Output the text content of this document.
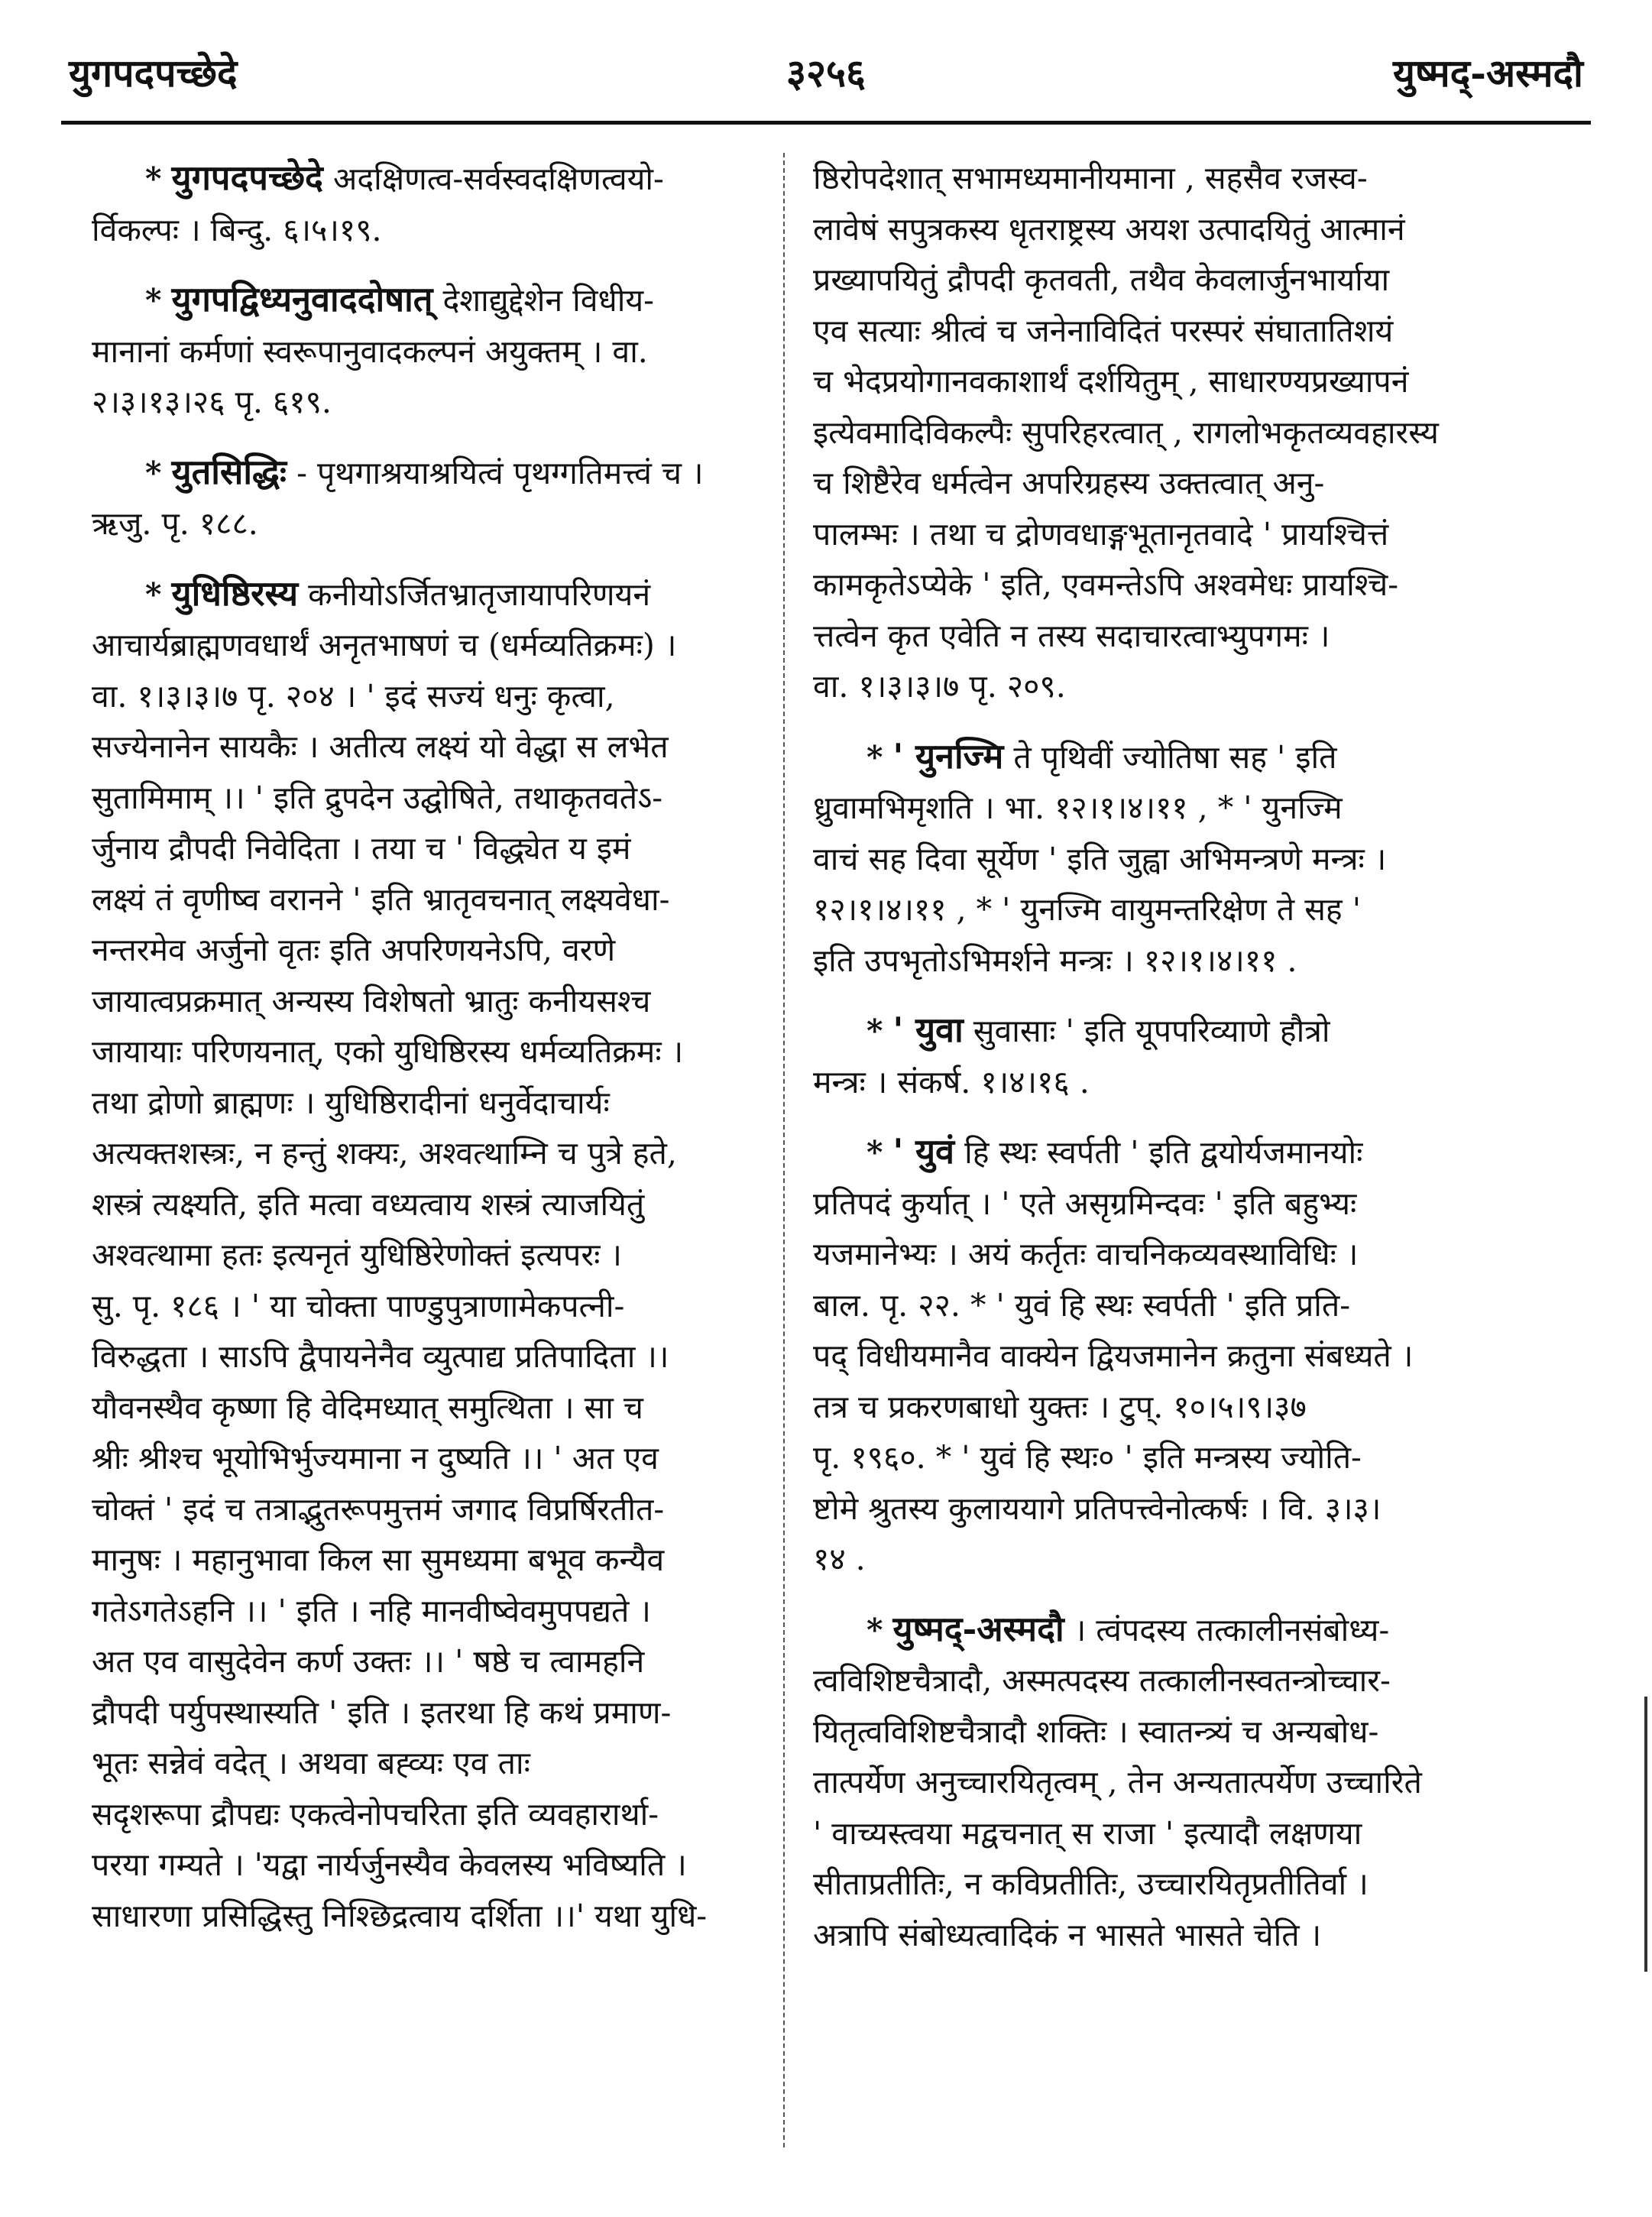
युगपदपच्छेदे	३२५६	युष्मद्-अस्मदौ
* युगपदपच्छेदे अदक्षिणत्व-सर्वस्वदक्षिणत्वयो-
र्विकल्पः । बिन्दु. ६।५।१९.
* युगपद्विध्यनुवाददोषात् देशाद्युद्देशेन विधीय-
मानानां कर्मणां स्वरूपानुवादकल्पनं अयुक्तम् । वा.
२।३।१३।२६ पृ. ६१९.
* युतसिद्धिः - पृथगाश्रयाश्रयित्वं पृथग्गतिमत्त्वं च ।
ऋजु. पृ. १८८.
* युधिष्ठिरस्य कनीयोऽर्जितभ्रातृजायापरिणयनं
आचार्यब्राह्मणवधार्थं अनृतभाषणं च (धर्मव्यतिक्रमः) ।
वा. १।३।३।७ पृ. २०४ । ' इदं सज्यं धनुः कृत्वा,
सज्येनानेन सायकैः । अतीत्य लक्ष्यं यो वेद्धा स लभेत
सुतामिमाम् ।। ' इति द्रुपदेन उद्घोषिते, तथाकृतवतेऽ-
र्जुनाय द्रौपदी निवेदिता । तया च ' विद्ध्येत य इमं
लक्ष्यं तं वृणीष्व वरानने ' इति भ्रातृवचनात् लक्ष्यवेधा-
नन्तरमेव अर्जुनो वृतः इति अपरिणयनेऽपि, वरणे
जायात्वप्रक्रमात् अन्यस्य विशेषतो भ्रातुः कनीयसश्च
जायायाः परिणयनात्, एको युधिष्ठिरस्य धर्मव्यतिक्रमः ।
तथा द्रोणो ब्राह्मणः । युधिष्ठिरादीनां धनुर्वेदाचार्यः
अत्यक्तशस्त्रः, न हन्तुं शक्यः, अश्वत्थाम्नि च पुत्रे हते,
शस्त्रं त्यक्ष्यति, इति मत्वा वध्यत्वाय शस्त्रं त्याजयितुं
अश्वत्थामा हतः इत्यनृतं युधिष्ठिरेणोक्तं इत्यपरः ।
सु. पृ. १८६ । ' या चोक्ता पाण्डुपुत्राणामेकपत्नी-
विरुद्धता । साऽपि द्वैपायनेनैव व्युत्पाद्य प्रतिपादिता ।।
यौवनस्थैव कृष्णा हि वेदिमध्यात् समुत्थिता । सा च
श्रीः श्रीश्च भूयोभिर्भुज्यमाना न दुष्यति ।। ' अत एव
चोक्तं ' इदं च तत्राद्भुतरूपमुत्तमं जगाद विप्रर्षिरतीत-
मानुषः । महानुभावा किल सा सुमध्यमा बभूव कन्यैव
गतेऽगतेऽहनि ।। ' इति । नहि मानवीष्वेवमुपपद्यते ।
अत एव वासुदेवेन कर्ण उक्तः ।। ' षष्ठे च त्वामहनि
द्रौपदी पर्युपस्थास्यति ' इति । इतरथा हि कथं प्रमाण-
भूतः सन्नेवं वदेत् । अथवा बह्व्यः एव ताः
सदृशरूपा द्रौपद्यः एकत्वेनोपचरिता इति व्यवहारार्था-
परया गम्यते । 'यद्वा नार्यर्जुनस्यैव केवलस्य भविष्यति ।
साधारणा प्रसिद्धिस्तु निश्छिद्रत्वाय दर्शिता ।।' यथा युधि-
ष्ठिरोपदेशात् सभामध्यमानीयमाना , सहसैव रजस्व-
लावेषं सपुत्रकस्य धृतराष्ट्रस्य अयश उत्पादयितुं आत्मानं
प्रख्यापयितुं द्रौपदी कृतवती, तथैव केवलार्जुनभार्याया
एव सत्याः श्रीत्वं च जनेनाविदितं परस्परं संघातातिशयं
च भेदप्रयोगानवकाशार्थं दर्शयितुम् , साधारण्यप्रख्यापनं
इत्येवमादिविकल्पैः सुपरिहरत्वात् , रागलोभकृतव्यवहारस्य
च शिष्टैरेव धर्मत्वेन अपरिग्रहस्य उक्तत्वात् अनु-
पालम्भः । तथा च द्रोणवधाङ्गभूतानृतवादे ' प्रायश्चित्तं
कामकृतेऽप्येके ' इति, एवमन्तेऽपि अश्वमेधः प्रायश्चि-
त्तत्वेन कृत एवेति न तस्य सदाचारत्वाभ्युपगमः ।
वा. १।३।३।७ पृ. २०९.
* ' युनज्मि ते पृथिवीं ज्योतिषा सह ' इति
ध्रुवामभिमृशति । भा. १२।१।४।११ , * ' युनज्मि
वाचं सह दिवा सूर्येण ' इति जुह्वा अभिमन्त्रणे मन्त्रः ।
१२।१।४।११ , * ' युनज्मि वायुमन्तरिक्षेण ते सह '
इति उपभृतोऽभिमर्शने मन्त्रः । १२।१।४।११ .
* ' युवा सुवासाः ' इति यूपपरिव्याणे हौत्रो
मन्त्रः । संकर्ष. १।४।१६ .
* ' युवं हि स्थः स्वर्पती ' इति द्वयोर्यजमानयोः
प्रतिपदं कुर्यात् । ' एते असृग्रमिन्दवः ' इति बहुभ्यः
यजमानेभ्यः । अयं कर्तृतः वाचनिकव्यवस्थाविधिः ।
बाल. पृ. २२. * ' युवं हि स्थः स्वर्पती ' इति प्रति-
पद् विधीयमानैव वाक्येन द्वियजमानेन क्रतुना संबध्यते ।
तत्र च प्रकरणबाधो युक्तः । टुप्. १०।५।९।३७
पृ. १९६०. * ' युवं हि स्थः० ' इति मन्त्रस्य ज्योति-
ष्टोमे श्रुतस्य कुलाययागे प्रतिपत्त्वेनोत्कर्षः । वि. ३।३।
१४ .
* युष्मद्-अस्मदौ । त्वंपदस्य तत्कालीनसंबोध्य-
त्वविशिष्टचैत्रादौ, अस्मत्पदस्य तत्कालीनस्वतन्त्रोच्चार-
यितृत्वविशिष्टचैत्रादौ शक्तिः । स्वातन्त्र्यं च अन्यबोध-
तात्पर्येण अनुच्चारयितृत्वम् , तेन अन्यतात्पर्येण उच्चारिते
' वाच्यस्त्वया मद्वचनात् स राजा ' इत्यादौ लक्षणया
सीताप्रतीतिः, न कविप्रतीतिः, उच्चारयितृप्रतीतिर्वा ।
अत्रापि संबोध्यत्वादिकं न भासते भासते चेति ।
